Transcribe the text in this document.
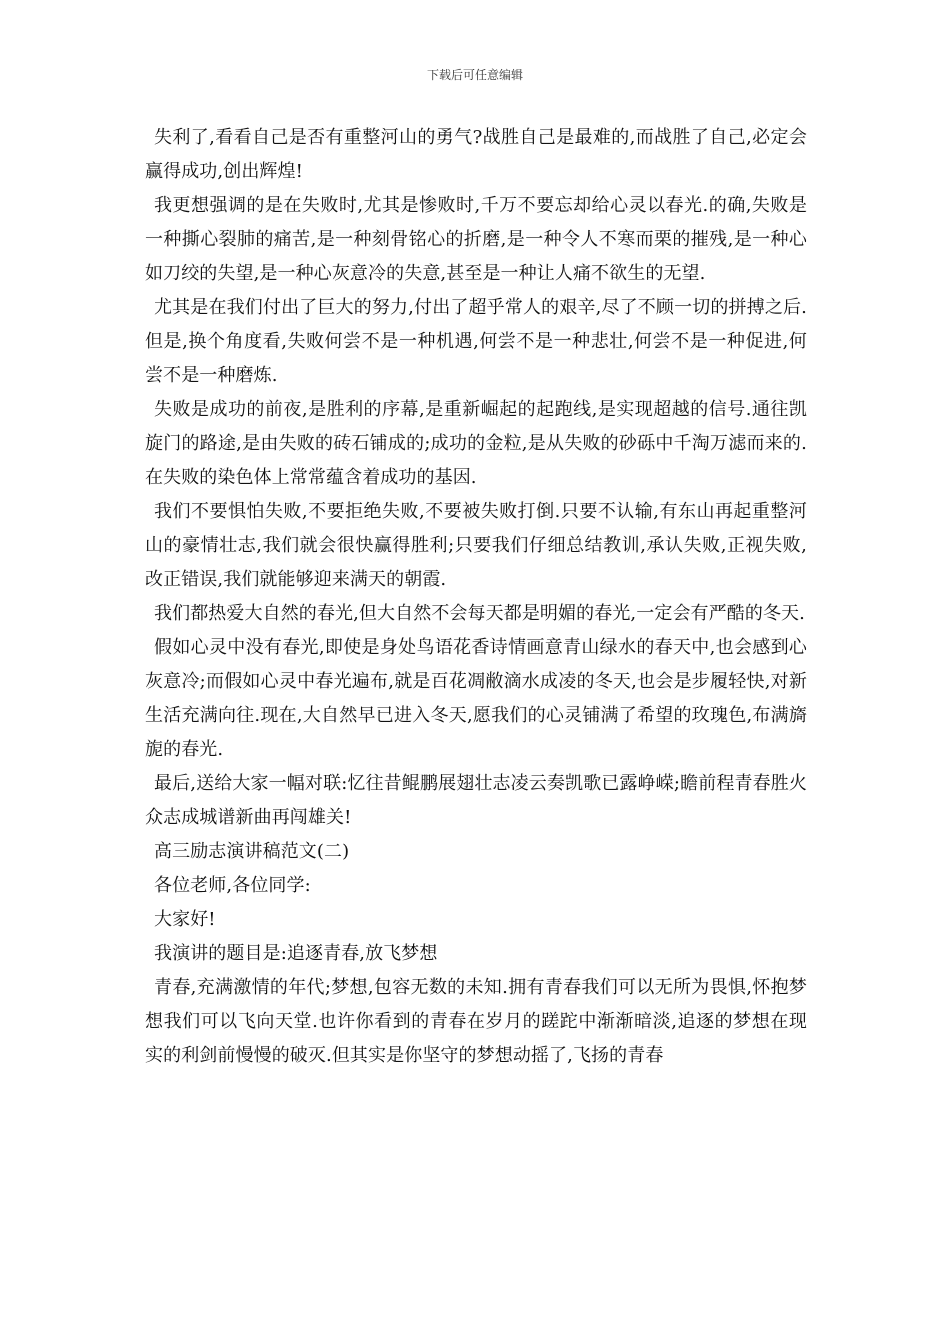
下载后可任意编辑

失利了,看看自己是否有重整河山的勇气?战胜自己是最难的,而战胜了自己,必定会赢得成功,创出辉煌!

我更想强调的是在失败时,尤其是惨败时,千万不要忘却给心灵以春光.的确,失败是一种撕心裂肺的痛苦,是一种刻骨铭心的折磨,是一种令人不寒而栗的摧残,是一种心如刀绞的失望,是一种心灰意冷的失意,甚至是一种让人痛不欲生的无望.

尤其是在我们付出了巨大的努力,付出了超乎常人的艰辛,尽了不顾一切的拼搏之后.但是,换个角度看,失败何尝不是一种机遇,何尝不是一种悲壮,何尝不是一种促进,何尝不是一种磨炼.

失败是成功的前夜,是胜利的序幕,是重新崛起的起跑线,是实现超越的信号.通往凯旋门的路途,是由失败的砖石铺成的;成功的金粒,是从失败的砂砾中千淘万滤而来的.在失败的染色体上常常蕴含着成功的基因.

我们不要惧怕失败,不要拒绝失败,不要被失败打倒.只要不认输,有东山再起重整河山的豪情壮志,我们就会很快赢得胜利;只要我们仔细总结教训,承认失败,正视失败,改正错误,我们就能够迎来满天的朝霞.

我们都热爱大自然的春光,但大自然不会每天都是明媚的春光,一定会有严酷的冬天.

假如心灵中没有春光,即使是身处鸟语花香诗情画意青山绿水的春天中,也会感到心灰意冷;而假如心灵中春光遍布,就是百花凋敝滴水成凌的冬天,也会是步履轻快,对新生活充满向往.现在,大自然早已进入冬天,愿我们的心灵铺满了希望的玫瑰色,布满旖旎的春光.

最后,送给大家一幅对联:忆往昔鲲鹏展翅壮志凌云奏凯歌已露峥嵘;瞻前程青春胜火众志成城谱新曲再闯雄关!

高三励志演讲稿范文(二)

各位老师,各位同学:

大家好!

我演讲的题目是:追逐青春,放飞梦想

青春,充满激情的年代;梦想,包容无数的未知.拥有青春我们可以无所为畏惧,怀抱梦想我们可以飞向天堂.也许你看到的青春在岁月的蹉跎中渐渐暗淡,追逐的梦想在现实的利剑前慢慢的破灭.但其实是你坚守的梦想动摇了,飞扬的青春
